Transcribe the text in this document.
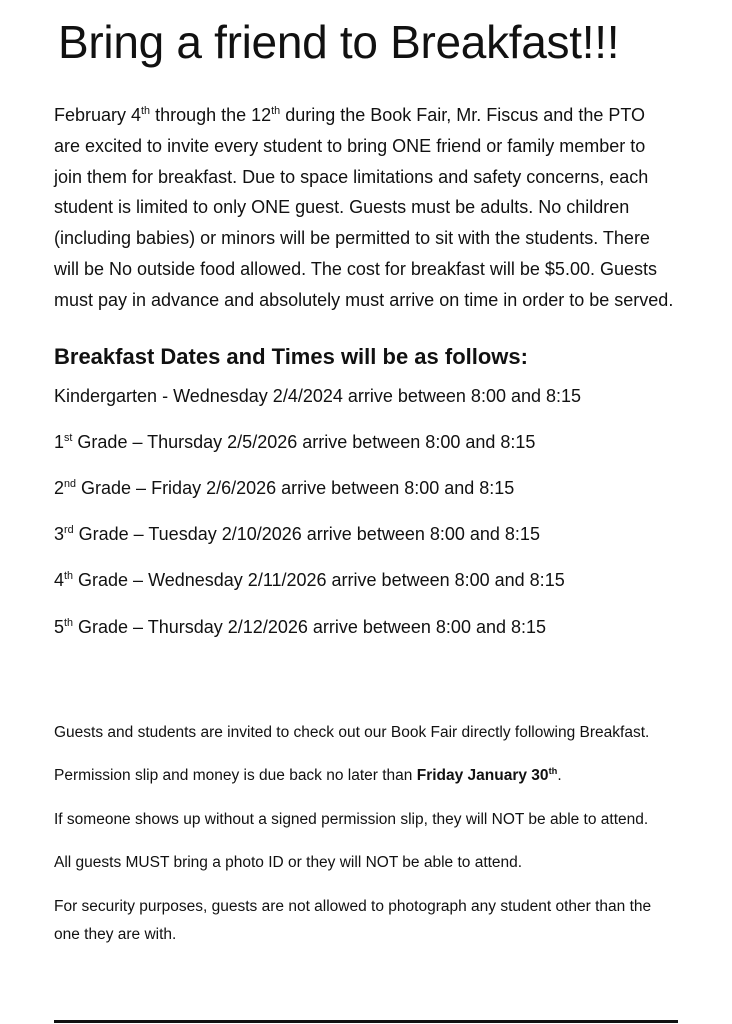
Bring a friend to Breakfast!!!

February 4th through the 12th during the Book Fair, Mr. Fiscus and the PTO are excited to invite every student to bring ONE friend or family member to join them for breakfast. Due to space limitations and safety concerns, each student is limited to only ONE guest. Guests must be adults. No children (including babies) or minors will be permitted to sit with the students. There will be No outside food allowed. The cost for breakfast will be $5.00. Guests must pay in advance and absolutely must arrive on time in order to be served.

Breakfast Dates and Times will be as follows:
Kindergarten - Wednesday 2/4/2024 arrive between 8:00 and 8:15
1st Grade – Thursday 2/5/2026 arrive between 8:00 and 8:15
2nd Grade – Friday 2/6/2026 arrive between 8:00 and 8:15
3rd Grade – Tuesday 2/10/2026 arrive between 8:00 and 8:15
4th Grade – Wednesday 2/11/2026 arrive between 8:00 and 8:15
5th Grade – Thursday 2/12/2026 arrive between 8:00 and 8:15

Guests and students are invited to check out our Book Fair directly following Breakfast.

Permission slip and money is due back no later than Friday January 30th.

If someone shows up without a signed permission slip, they will NOT be able to attend.

All guests MUST bring a photo ID or they will NOT be able to attend.

For security purposes, guests are not allowed to photograph any student other than the one they are with.
